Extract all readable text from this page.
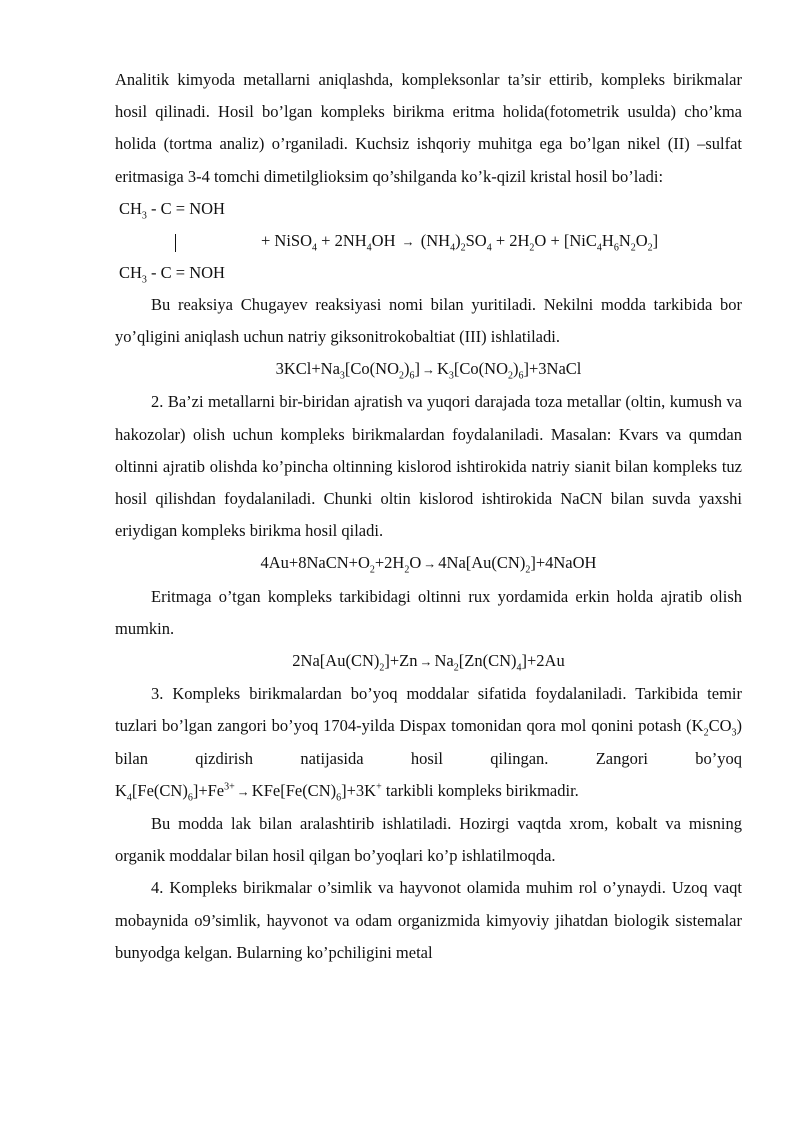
Analitik kimyoda metallarni aniqlashda, kompleksonlar ta’sir ettirib, kompleks birikmalar hosil qilinadi. Hosil bo’lgan kompleks birikma eritma holida(fotometrik usulda) cho’kma holida (tortma analiz) o’rganiladi. Kuchsiz ishqoriy muhitga ega bo’lgan nikel (II) –sulfat eritmasiga 3-4 tomchi dimetilglioksim qo’shilganda ko’k-qizil kristal hosil bo’ladi:

$CH_3$ - C = NOH
+ NiSO$_4$ + $2NH_4OH \to (NH_4)_2SO_4 + 2H_2O + [NiC_4H_6N_2O_2]$
$CH_3$ - C = NOH

Bu reaksiya Chugayev reaksiyasi nomi bilan yuritiladi. Nekilni modda tarkibida bor yo’qligini aniqlash uchun natriy giksonitrokobaltiat (III) ishlatiladi.

$3KCl+Na_3[Co(NO_2)_6]$ → $K_3[Co(NO_2)_6]+3NaCl$

2. Ba’zi metallarni bir-biridan ajratish va yuqori darajada toza metallar (oltin, kumush va hakozolar) olish uchun kompleks birikmalardan foydalaniladi. Masalan: Kvars va qumdan oltinni ajratib olishda ko’pincha oltinning kislorod ishtirokida natriy sianit bilan kompleks tuz hosil qilishdan foydalaniladi. Chunki oltin kislorod ishtirokida NaCN bilan suvda yaxshi eriydigan kompleks birikma hosil qiladi.

$4Au+8NaCN+O_2+2H_2O$ → $4Na[Au(CN)_2]+4NaOH$

Eritmaga o’tgan kompleks tarkibidagi oltinni rux yordamida erkin holda ajratib olish mumkin.

$2Na[Au(CN)_2]+Zn \to Na_2[Zn(CN)_4]+2Au$

3. Kompleks birikmalardan bo’yoq moddalar sifatida foydalaniladi. Tarkibida temir tuzlari bo’lgan zangori bo’yoq 1704-yilda Dispax tomonidan qora mol qonini potash $(K_2CO_3)$ bilan qizdirish natijasida hosil qilingan. Zangori bo’yoq $K_4[Fe(CN)_6]+Fe^{3+} \to KFe[Fe(CN)_6]+3K^+$ tarkibli kompleks birikmadir.

Bu modda lak bilan aralashtirib ishlatiladi. Hozirgi vaqtda xrom, kobalt va misning organik moddalar bilan hosil qilgan bo’yoqlari ko’p ishlatilmoqda.

4. Kompleks birikmalar o’simlik va hayvonot olamida muhim rol o’ynaydi. Uzoq vaqt mobaynida o9’simlik, hayvonot va odam organizmida kimyoviy jihatdan biologik sistemalar bunyodga kelgan. Bularning ko’pchiligini metal
